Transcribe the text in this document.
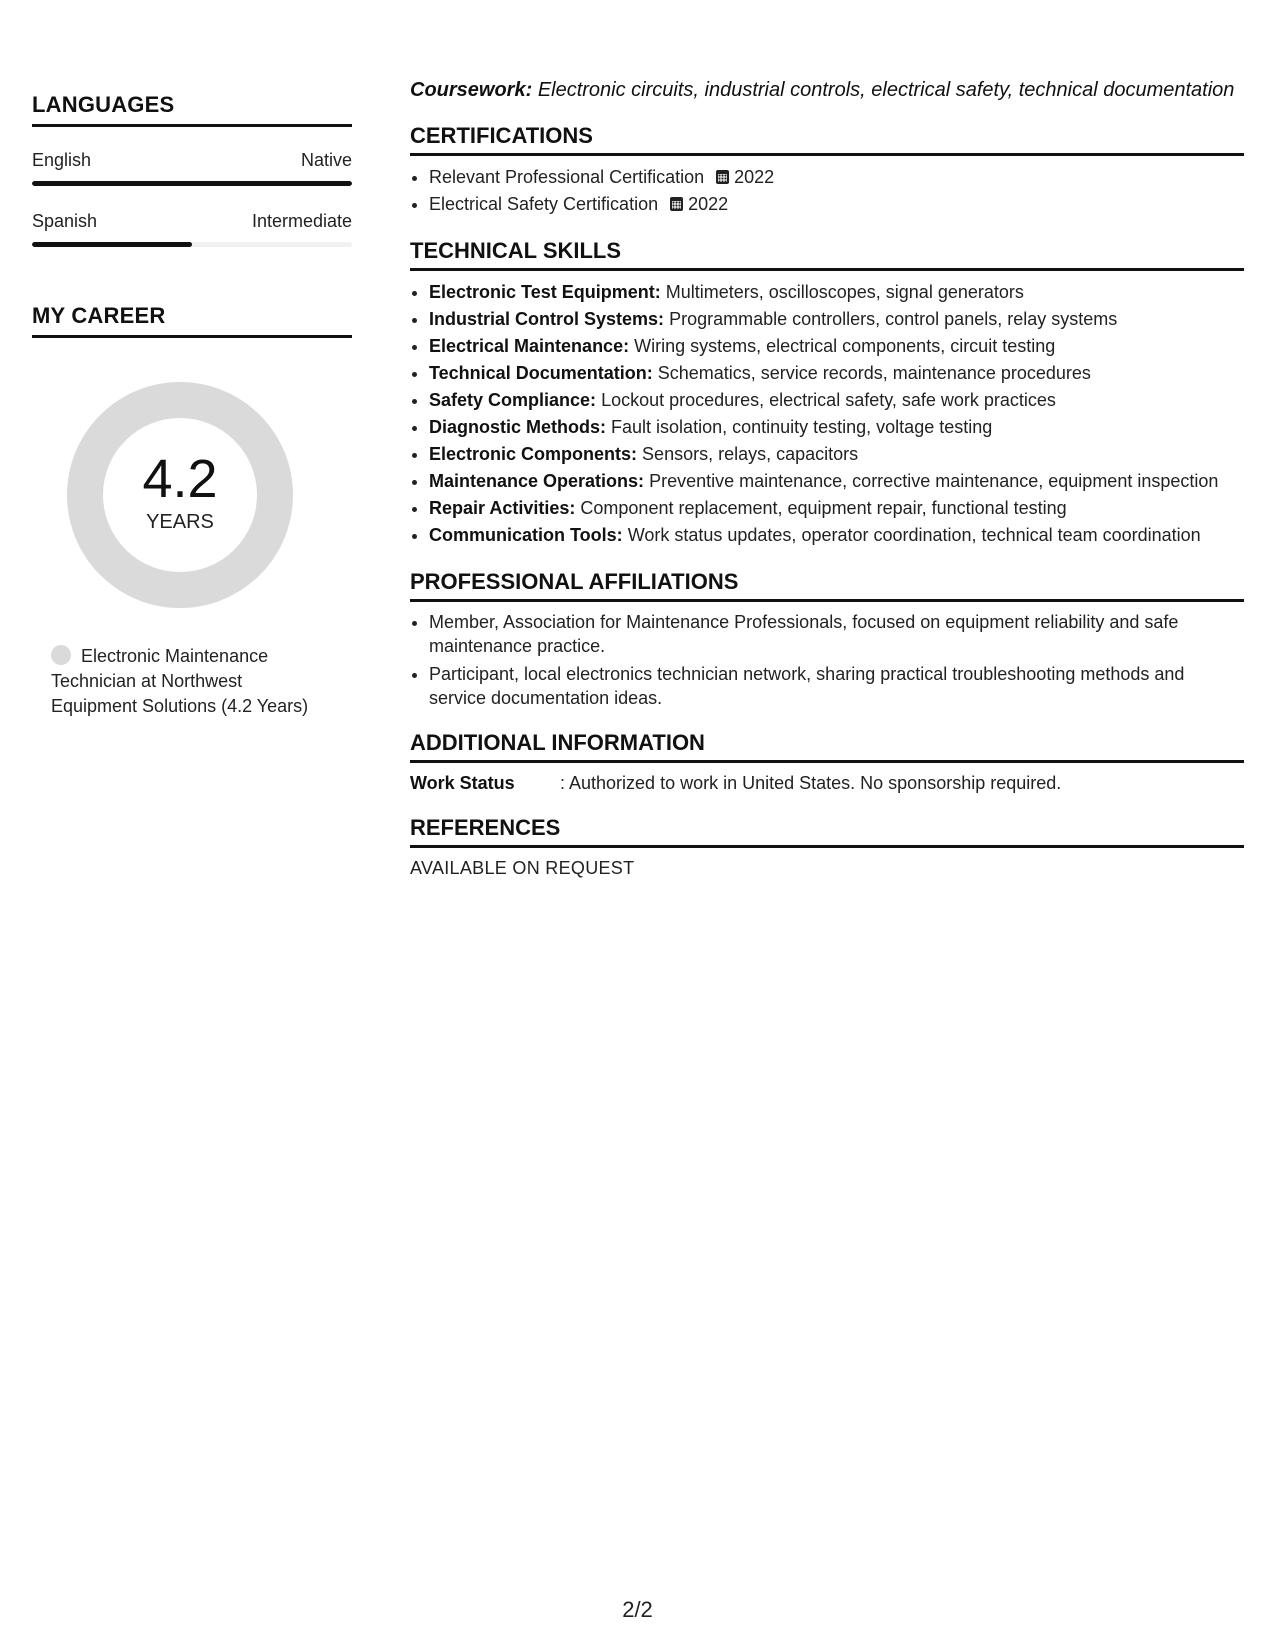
LANGUAGES
English	Native
Spanish	Intermediate
MY CAREER
4.2
YEARS
Electronic Maintenance Technician at Northwest Equipment Solutions (4.2 Years)

Coursework: Electronic circuits, industrial controls, electrical safety, technical documentation

CERTIFICATIONS
• Relevant Professional Certification 2022
• Electrical Safety Certification 2022
TECHNICAL SKILLS
• Electronic Test Equipment: Multimeters, oscilloscopes, signal generators
• Industrial Control Systems: Programmable controllers, control panels, relay systems
• Electrical Maintenance: Wiring systems, electrical components, circuit testing
• Technical Documentation: Schematics, service records, maintenance procedures
• Safety Compliance: Lockout procedures, electrical safety, safe work practices
• Diagnostic Methods: Fault isolation, continuity testing, voltage testing
• Electronic Components: Sensors, relays, capacitors
• Maintenance Operations: Preventive maintenance, corrective maintenance, equipment inspection
• Repair Activities: Component replacement, equipment repair, functional testing
• Communication Tools: Work status updates, operator coordination, technical team coordination
PROFESSIONAL AFFILIATIONS
• Member, Association for Maintenance Professionals, focused on equipment reliability and safe maintenance practice.
• Participant, local electronics technician network, sharing practical troubleshooting methods and service documentation ideas.
ADDITIONAL INFORMATION
Work Status	: Authorized to work in United States. No sponsorship required.
REFERENCES
AVAILABLE ON REQUEST
2/2
